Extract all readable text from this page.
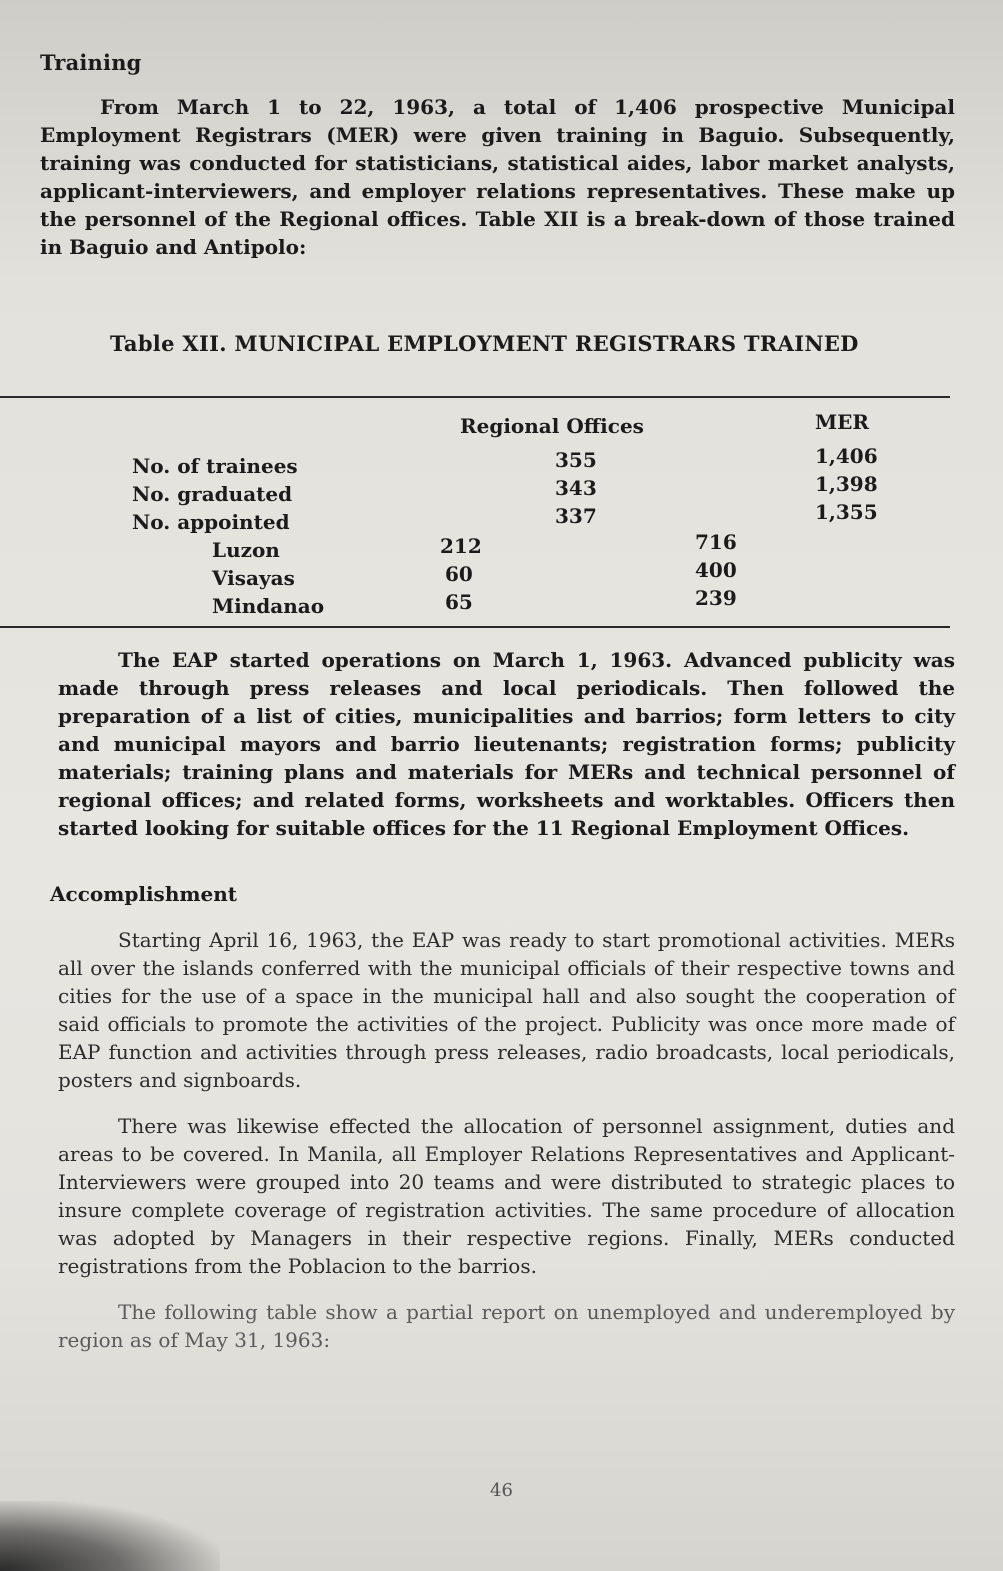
Training

From March 1 to 22, 1963, a total of 1,406 prospective Municipal Employment Registrars (MER) were given training in Baguio. Subsequently, training was conducted for statisticians, statistical aides, labor market analysts, applicant-interviewers, and employer relations representatives. These make up the personnel of the Regional offices. Table XII is a break-down of those trained in Baguio and Antipolo:

Table XII. MUNICIPAL EMPLOYMENT REGISTRARS TRAINED
Regional Offices	MER
No. of trainees	355	1,406
No. graduated	343	1,398
No. appointed	337	1,355
Luzon	212	716
Visayas	60	400
Mindanao	65	239

The EAP started operations on March 1, 1963. Advanced publicity was made through press releases and local periodicals. Then followed the preparation of a list of cities, municipalities and barrios; form letters to city and municipal mayors and barrio lieutenants; registration forms; publicity materials; training plans and materials for MERs and technical personnel of regional offices; and related forms, worksheets and worktables. Officers then started looking for suitable offices for the 11 Regional Employment Offices.

Accomplishment

Starting April 16, 1963, the EAP was ready to start promotional activities. MERs all over the islands conferred with the municipal officials of their respective towns and cities for the use of a space in the municipal hall and also sought the cooperation of said officials to promote the activities of the project. Publicity was once more made of EAP function and activities through press releases, radio broadcasts, local periodicals, posters and signboards.

There was likewise effected the allocation of personnel assignment, duties and areas to be covered. In Manila, all Employer Relations Representatives and Applicant-Interviewers were grouped into 20 teams and were distributed to strategic places to insure complete coverage of registration activities. The same procedure of allocation was adopted by Managers in their respective regions. Finally, MERs conducted registrations from the Poblacion to the barrios.

The following table show a partial report on unemployed and underemployed by region as of May 31, 1963:

46
